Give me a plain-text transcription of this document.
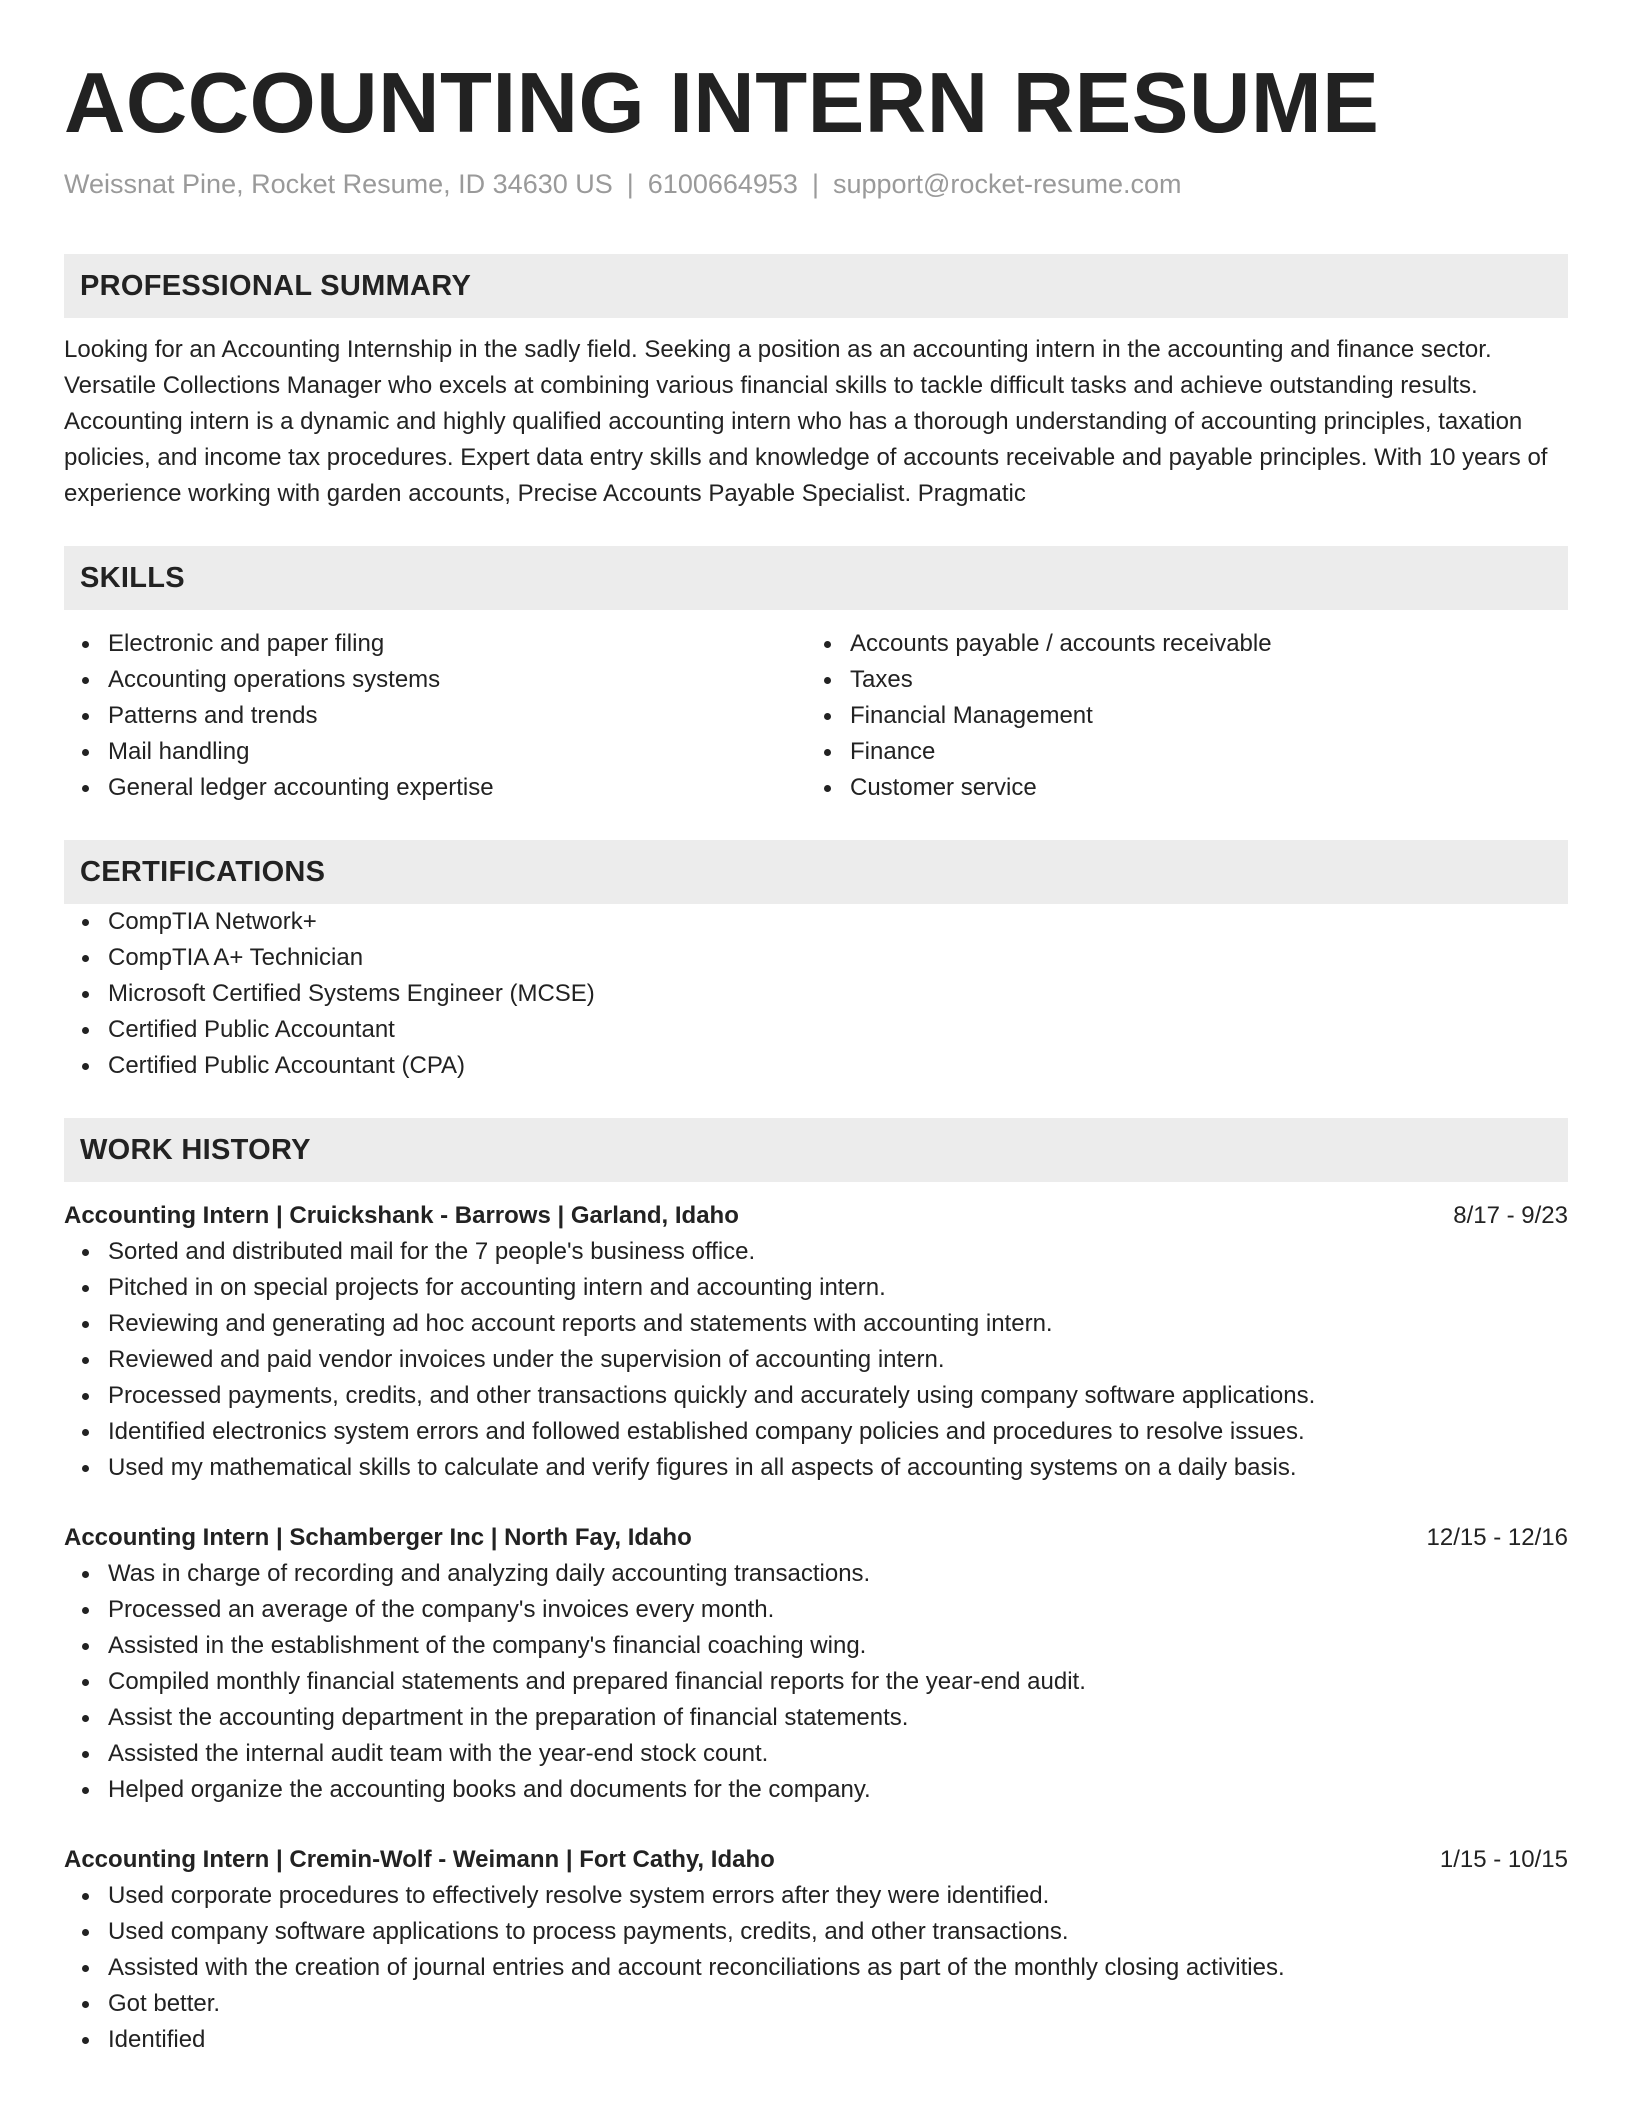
ACCOUNTING INTERN RESUME
Weissnat Pine, Rocket Resume, ID 34630 US | 6100664953 | support@rocket-resume.com
PROFESSIONAL SUMMARY

Looking for an Accounting Internship in the sadly field. Seeking a position as an accounting intern in the accounting and finance sector. Versatile Collections Manager who excels at combining various financial skills to tackle difficult tasks and achieve outstanding results. Accounting intern is a dynamic and highly qualified accounting intern who has a thorough understanding of accounting principles, taxation policies, and income tax procedures. Expert data entry skills and knowledge of accounts receivable and payable principles. With 10 years of experience working with garden accounts, Precise Accounts Payable Specialist. Pragmatic

SKILLS
Electronic and paper filing
Accounting operations systems
Patterns and trends
Mail handling
General ledger accounting expertise
Accounts payable / accounts receivable
Taxes
Financial Management
Finance
Customer service
CERTIFICATIONS
CompTIA Network+
CompTIA A+ Technician
Microsoft Certified Systems Engineer (MCSE)
Certified Public Accountant
Certified Public Accountant (CPA)
WORK HISTORY
Accounting Intern | Cruickshank - Barrows | Garland, Idaho	8/17 - 9/23
Sorted and distributed mail for the 7 people's business office.
Pitched in on special projects for accounting intern and accounting intern.
Reviewing and generating ad hoc account reports and statements with accounting intern.
Reviewed and paid vendor invoices under the supervision of accounting intern.
Processed payments, credits, and other transactions quickly and accurately using company software applications.
Identified electronics system errors and followed established company policies and procedures to resolve issues.
Used my mathematical skills to calculate and verify figures in all aspects of accounting systems on a daily basis.
Accounting Intern | Schamberger Inc | North Fay, Idaho	12/15 - 12/16
Was in charge of recording and analyzing daily accounting transactions.
Processed an average of the company's invoices every month.
Assisted in the establishment of the company's financial coaching wing.
Compiled monthly financial statements and prepared financial reports for the year-end audit.
Assist the accounting department in the preparation of financial statements.
Assisted the internal audit team with the year-end stock count.
Helped organize the accounting books and documents for the company.
Accounting Intern | Cremin-Wolf - Weimann | Fort Cathy, Idaho	1/15 - 10/15
Used corporate procedures to effectively resolve system errors after they were identified.
Used company software applications to process payments, credits, and other transactions.
Assisted with the creation of journal entries and account reconciliations as part of the monthly closing activities.
Got better.
Identified
